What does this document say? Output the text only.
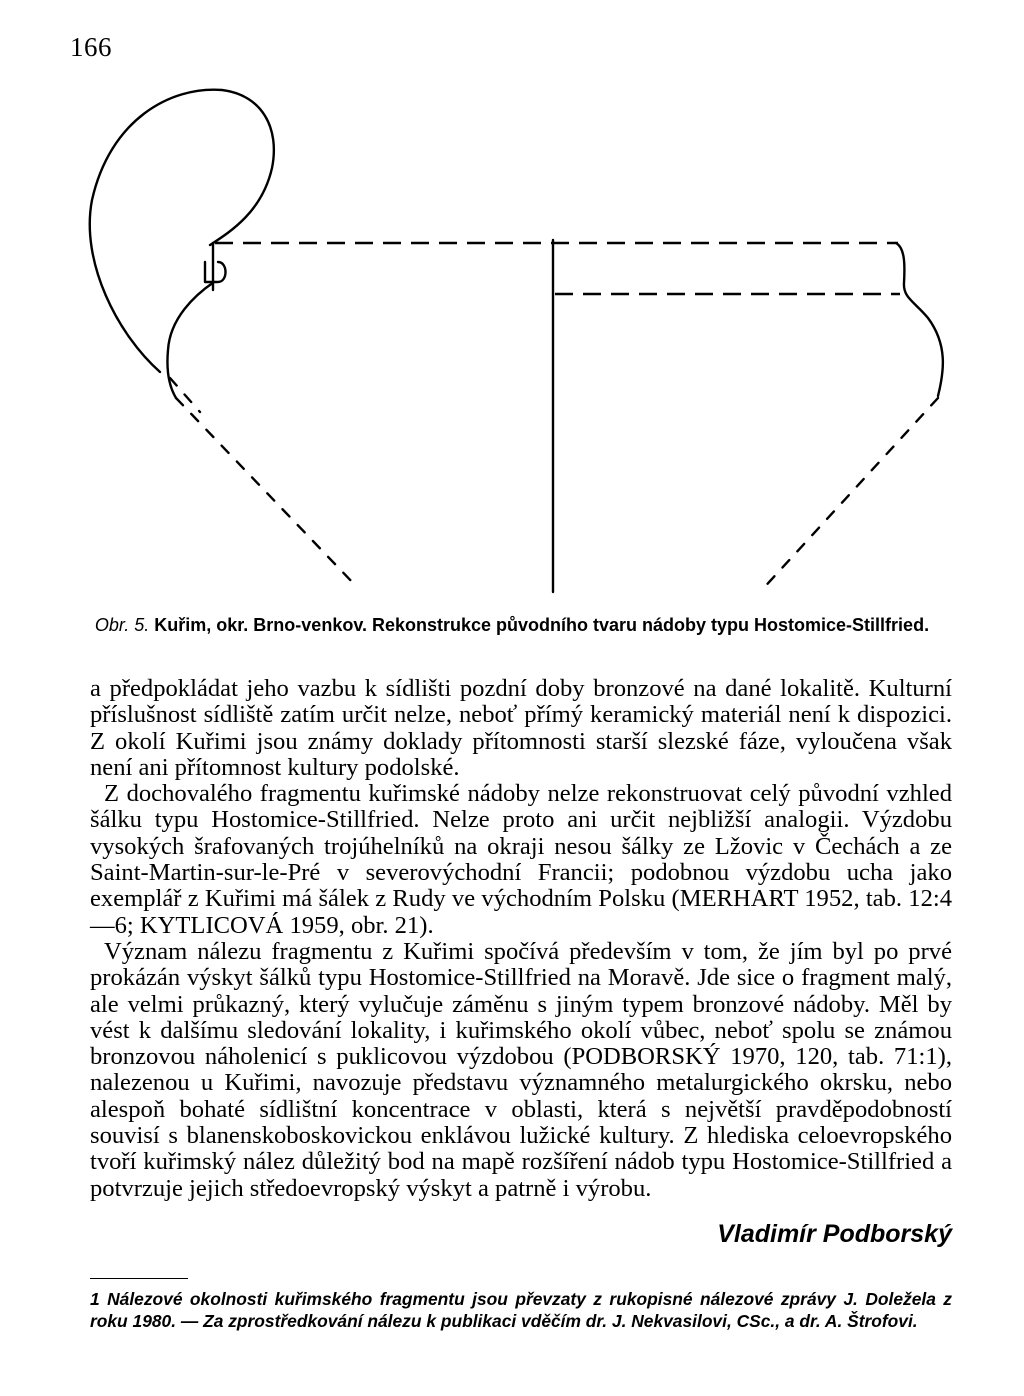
166
Obr. 5. Kuřim, okr. Brno-venkov. Rekonstrukce původního tvaru nádoby typu Hostomice-Stillfried.

a předpokládat jeho vazbu k sídlišti pozdní doby bronzové na dané lokalitě. Kulturní příslušnost sídliště zatím určit nelze, neboť přímý keramický materiál není k dispozici. Z okolí Kuřimi jsou známy doklady přítomnosti starší slezské fáze, vyloučena však není ani přítomnost kultury podolské.

Z dochovalého fragmentu kuřimské nádoby nelze rekonstruovat celý původní vzhled šálku typu Hostomice-Stillfried. Nelze proto ani určit nejbližší analogii. Výzdobu vysokých šrafovaných trojúhelníků na okraji nesou šálky ze Lžovic v Čechách a ze Saint-Martin-sur-le-Pré v severovýchodní Francii; podobnou výzdobu ucha jako exemplář z Kuřimi má šálek z Rudy ve východním Polsku (MERHART 1952, tab. 12:4—6; KYTLICOVÁ 1959, obr. 21).

Význam nálezu fragmentu z Kuřimi spočívá především v tom, že jím byl po prvé prokázán výskyt šálků typu Hostomice-Stillfried na Moravě. Jde sice o fragment malý, ale velmi průkazný, který vylučuje záměnu s jiným typem bronzové nádoby. Měl by vést k dalšímu sledování lokality, i kuřimského okolí vůbec, neboť spolu se známou bronzovou náholenicí s puklicovou výzdobou (PODBORSKÝ 1970, 120, tab. 71:1), nalezenou u Kuřimi, navozuje představu významného metalurgického okrsku, nebo alespoň bohaté sídlištní koncentrace v oblasti, která s největší pravděpodobností souvisí s blanenskoboskovickou enklávou lužické kultury. Z hlediska celoevropského tvoří kuřimský nález důležitý bod na mapě rozšíření nádob typu Hostomice-Stillfried a potvrzuje jejich středoevropský výskyt a patrně i výrobu.

Vladimír Podborský
1 Nálezové okolnosti kuřimského fragmentu jsou převzaty z rukopisné nálezové zprávy J. Doležela z roku 1980. — Za zprostředkování nálezu k publikaci vděčím dr. J. Nekvasilovi, CSc., a dr. A. Štrofovi.
